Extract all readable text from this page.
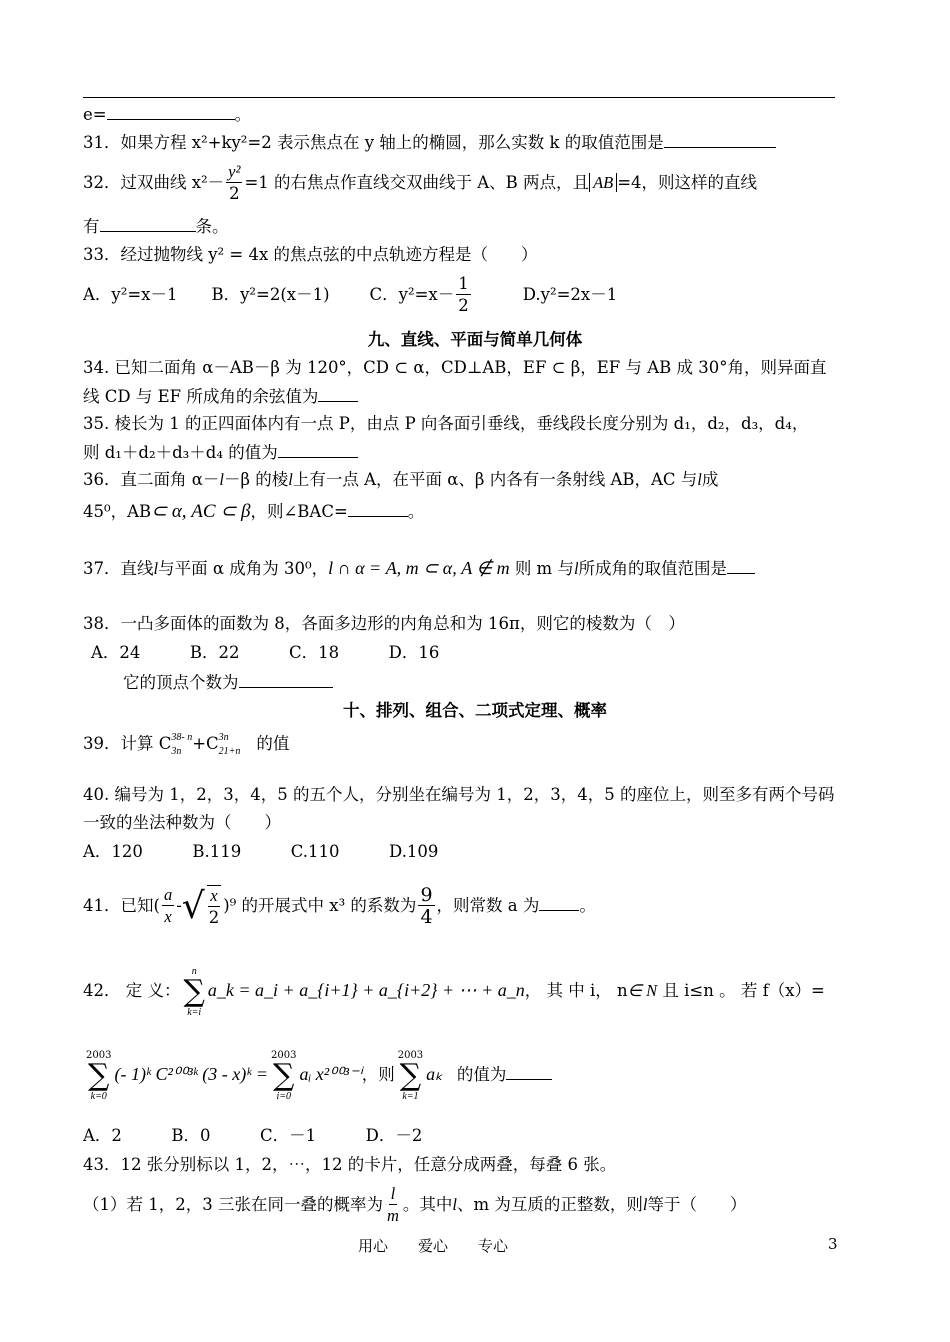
e=	。
31．如果方程 x²+ky²=2 表示焦点在 y 轴上的椭圆，那么实数 k 的取值范围是
32．过双曲线 $x^2- \frac{\text{y²}}{2} =1$ 的右焦点作直线交双曲线于 A、B 两点，且 AB =4，则这样的直线
有	条。
33．经过抛物线 y² = 4x 的焦点弦的中点轨迹方程是（　　）
A．y²=x－1 B．y²=2(x－1) C．$y^2=x- \frac{1}{2}$	D.y²=2x－1
九、直线、平面与简单几何体
34. 已知二面角 α－AB－β 为 120°，CD ⊂ α，CD⊥AB，EF ⊂ β，EF 与 AB 成 30°角，则异面直
线 CD 与 EF 所成角的余弦值为
35. 棱长为 1 的正四面体内有一点 P，由点 P 向各面引垂线，垂线段长度分别为 d₁，d₂，d₃，d₄，
则 d₁＋d₂＋d₃＋d₄ 的值为
36．直二面角 α－l－β 的棱l上有一点 A，在平面 α、β 内各有一条射线 AB，AC 与l成
45⁰，AB⊂ α, AC ⊂ β，则∠BAC=	。
37．直线l与平面 α 成角为 30⁰，l ∩ α = A, m ⊂ α, A ∉ m 则 m 与l所成角的取值范围是
38．一凸多面体的面数为 8，各面多边形的内角总和为 16π，则它的棱数为（　）
A．24　　　B．22　　　C．18　　　D．16
它的顶点个数为
十、排列、组合、二项式定理、概率
39．计算 C 38- n
3n +C 3n
21+n 的值
40. 编号为 1，2，3，4，5 的五个人，分别坐在编号为 1，2，3，4，5 的座位上，则至多有两个号码
一致的坐法种数为（　　）
A．120　　　B.119　　　C.110　　　D.109
41．已知( $\frac{a}{x}$ - √ $\frac{x}{2} )^9$ 的开展式中 x³ 的系数为 $\frac{9}{4}$ ，则常数 a 为 。
42． 定 义：
n
∑
k=i
a_k = a_i + a_{i+1} + a_{i+2} + ⋯ + a_n， 其 中 i， n∈ N 且 i≤n 。 若 f（x）=
2003
∑
k=0
(- 1)ᵏ C²⁰⁰³ᵏ (3 - x)ᵏ =
2003
∑
i=0
aᵢ x²⁰⁰³⁻ⁱ，则
2003
∑
k=1
aₖ 的值为
A．2　　　B．0　　　C．－1　　　D．－2
43．12 张分别标以 1，2，⋯，12 的卡片，任意分成两叠，每叠 6 张。
（1）若 1，2，3 三张在同一叠的概率为 $\frac{l}{m}$ 。其中l、m 为互质的正整数，则l等于（　　）
用心　　爱心　　专心	3
